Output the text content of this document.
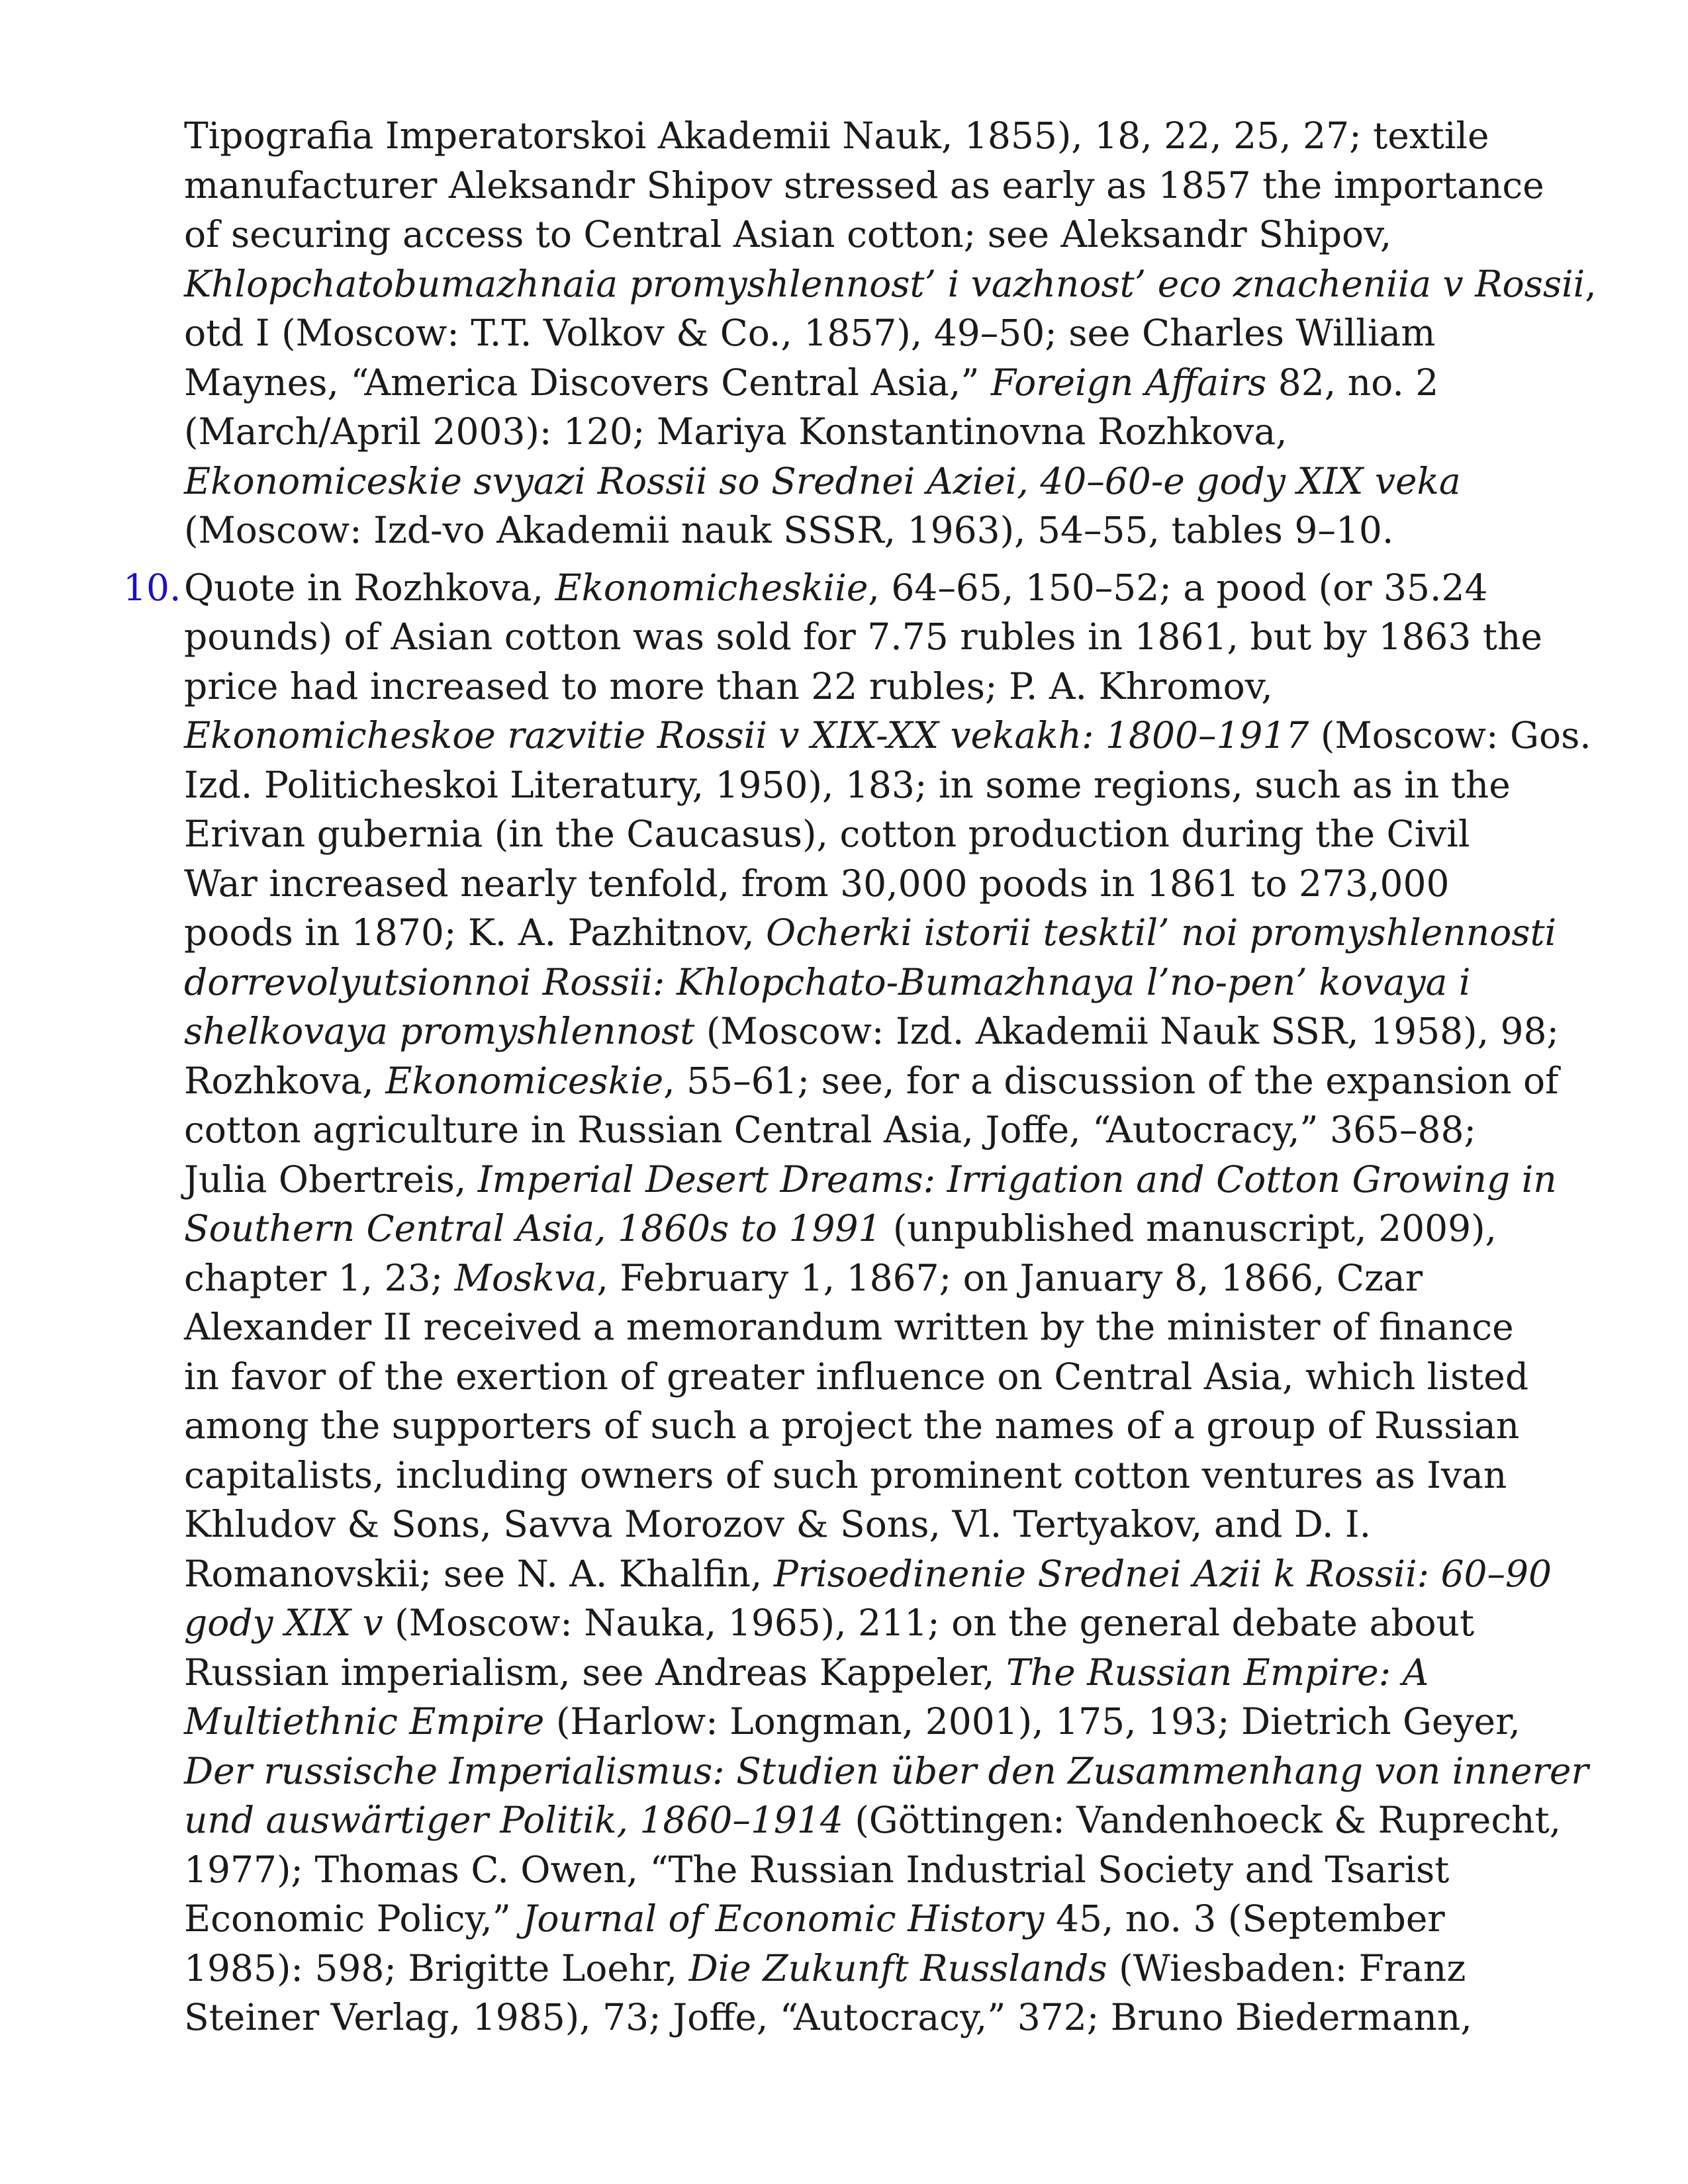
Tipografia Imperatorskoi Akademii Nauk, 1855), 18, 22, 25, 27; textile
manufacturer Aleksandr Shipov stressed as early as 1857 the importance
of securing access to Central Asian cotton; see Aleksandr Shipov,
Khlopchatobumazhnaia promyshlennost’ i vazhnost’ eco znacheniia v Rossii,
otd I (Moscow: T.T. Volkov & Co., 1857), 49–50; see Charles William
Maynes, “America Discovers Central Asia,” Foreign Affairs 82, no. 2
(March/April 2003): 120; Mariya Konstantinovna Rozhkova,
Ekonomiceskie svyazi Rossii so Srednei Aziei, 40–60-e gody XIX veka
(Moscow: Izd-vo Akademii nauk SSSR, 1963), 54–55, tables 9–10.
10. Quote in Rozhkova, Ekonomicheskiie, 64–65, 150–52; a pood (or 35.24
pounds) of Asian cotton was sold for 7.75 rubles in 1861, but by 1863 the
price had increased to more than 22 rubles; P. A. Khromov,
Ekonomicheskoe razvitie Rossii v XIX-XX vekakh: 1800–1917 (Moscow: Gos.
Izd. Politicheskoi Literatury, 1950), 183; in some regions, such as in the
Erivan gubernia (in the Caucasus), cotton production during the Civil
War increased nearly tenfold, from 30,000 poods in 1861 to 273,000
poods in 1870; K. A. Pazhitnov, Ocherki istorii tesktil’ noi promyshlennosti
dorrevolyutsionnoi Rossii: Khlopchato-Bumazhnaya l’no-pen’ kovaya i
shelkovaya promyshlennost (Moscow: Izd. Akademii Nauk SSR, 1958), 98;
Rozhkova, Ekonomiceskie, 55–61; see, for a discussion of the expansion of
cotton agriculture in Russian Central Asia, Joffe, “Autocracy,” 365–88;
Julia Obertreis, Imperial Desert Dreams: Irrigation and Cotton Growing in
Southern Central Asia, 1860s to 1991 (unpublished manuscript, 2009),
chapter 1, 23; Moskva, February 1, 1867; on January 8, 1866, Czar
Alexander II received a memorandum written by the minister of finance
in favor of the exertion of greater influence on Central Asia, which listed
among the supporters of such a project the names of a group of Russian
capitalists, including owners of such prominent cotton ventures as Ivan
Khludov & Sons, Savva Morozov & Sons, Vl. Tertyakov, and D. I.
Romanovskii; see N. A. Khalfin, Prisoedinenie Srednei Azii k Rossii: 60–90
gody XIX v (Moscow: Nauka, 1965), 211; on the general debate about
Russian imperialism, see Andreas Kappeler, The Russian Empire: A
Multiethnic Empire (Harlow: Longman, 2001), 175, 193; Dietrich Geyer,
Der russische Imperialismus: Studien über den Zusammenhang von innerer
und auswärtiger Politik, 1860–1914 (Göttingen: Vandenhoeck & Ruprecht,
1977); Thomas C. Owen, “The Russian Industrial Society and Tsarist
Economic Policy,” Journal of Economic History 45, no. 3 (September
1985): 598; Brigitte Loehr, Die Zukunft Russlands (Wiesbaden: Franz
Steiner Verlag, 1985), 73; Joffe, “Autocracy,” 372; Bruno Biedermann,
